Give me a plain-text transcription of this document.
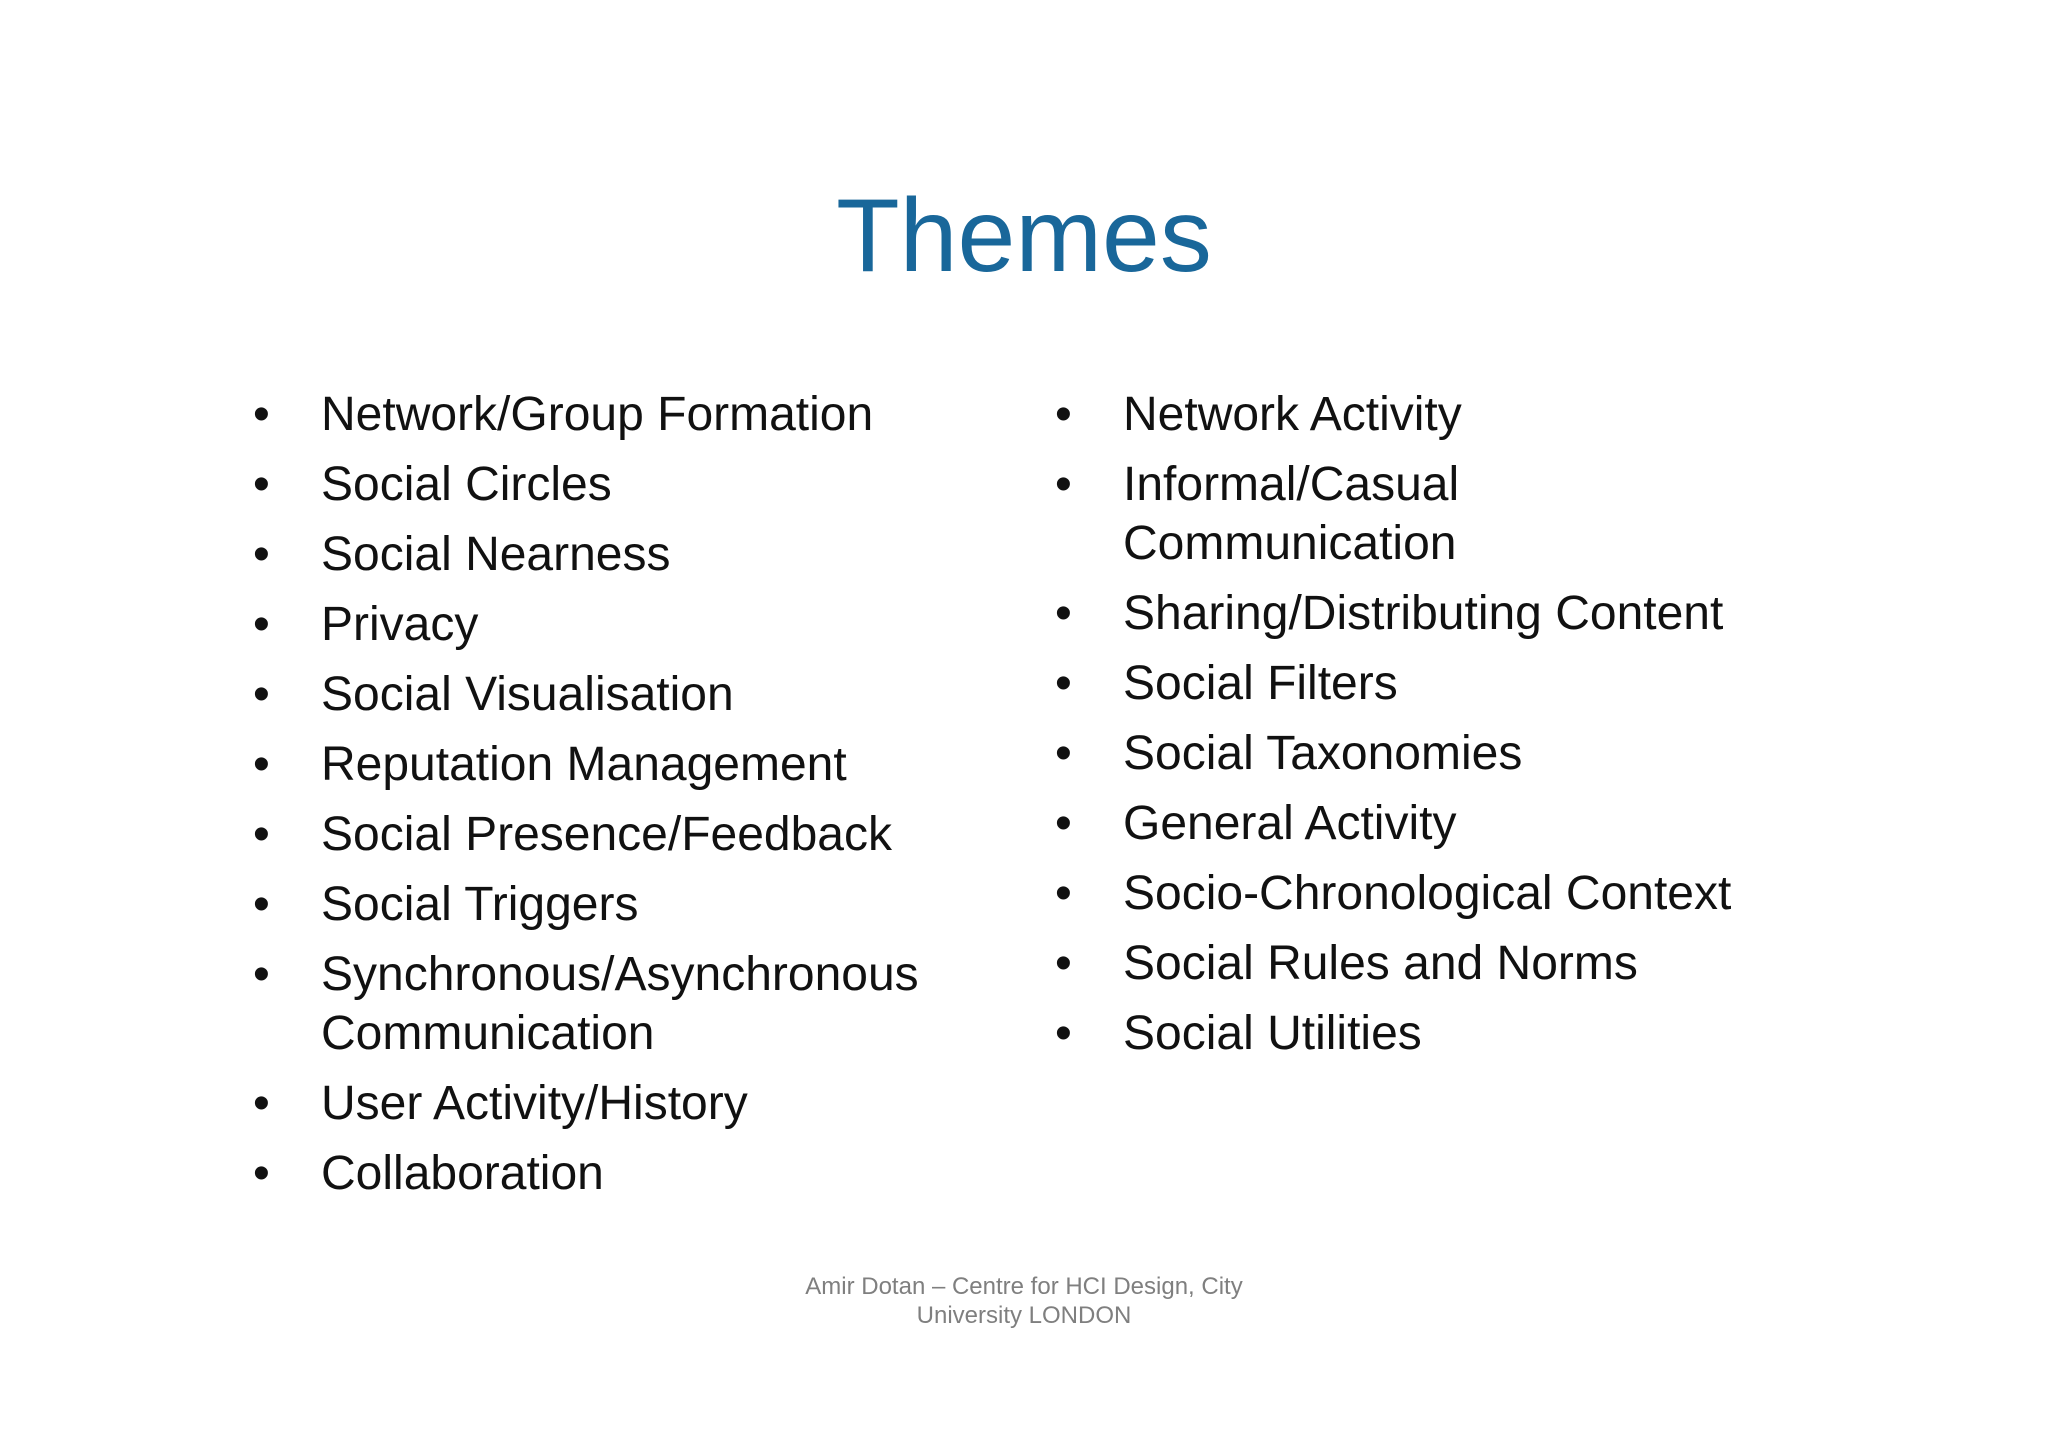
Themes
• Network/Group Formation
• Social Circles
• Social Nearness
• Privacy
• Social Visualisation
• Reputation Management
• Social Presence/Feedback
• Social Triggers
• Synchronous/Asynchronous Communication
• User Activity/History
• Collaboration
• Network Activity
• Informal/Casual Communication
• Sharing/Distributing Content
• Social Filters
• Social Taxonomies
• General Activity
• Socio-Chronological Context
• Social Rules and Norms
• Social Utilities

Amir Dotan – Centre for HCI Design, City University LONDON
